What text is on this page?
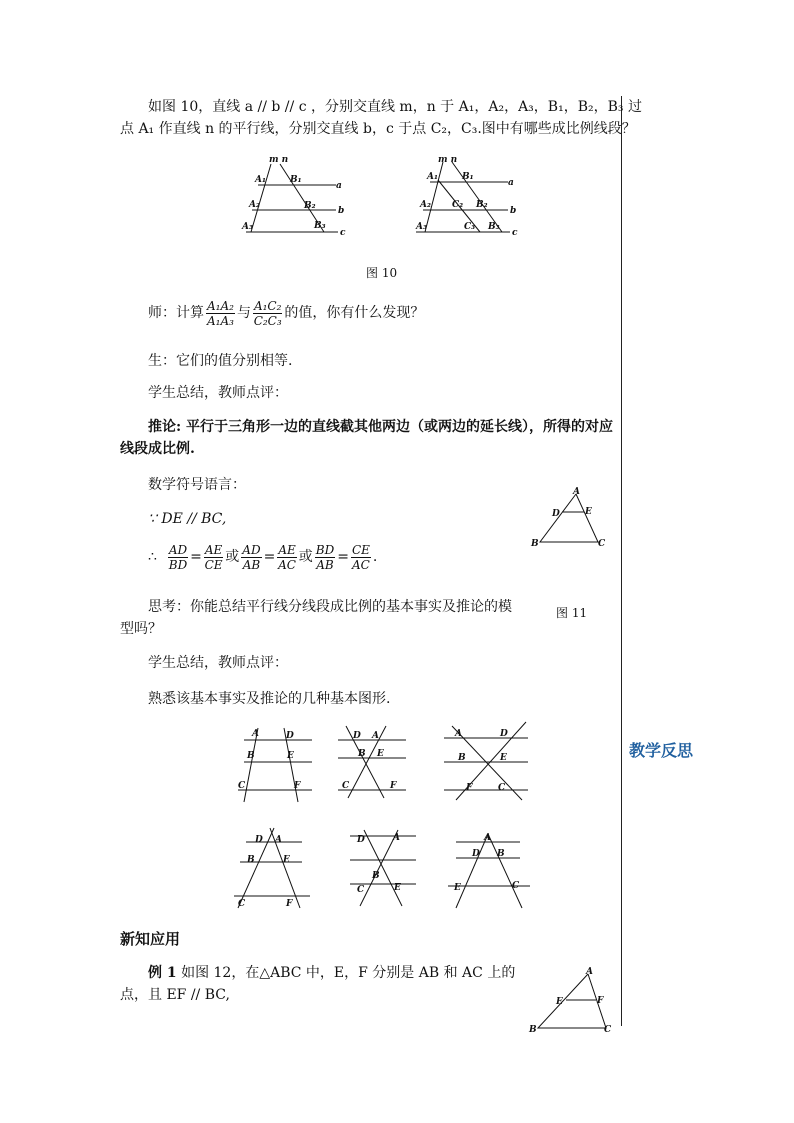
教学反思
如图 10，直线 a // b // c ，分别交直线 m，n 于 A₁，A₂，A₃，B₁，B₂，B₃ 过
点 A₁ 作直线 n 的平行线，分别交直线 b，c 于点 C₂，C₃.图中有哪些成比例线段？
m n
A₁	B₁
a
A₂	B₂ b
A₃	B₃
c
m n
A₁	B₁
a
A₂ C₂ B₂
b
A₃	C₃ B₃
c
图 10
师：计算 $\frac{\text{A₁A₂}}{\text{A₁A₃}}$ 与 $\frac{\text{A₁C₂}}{\text{C₂C₃}}$ 的值，你有什么发现？
生：它们的值分别相等.
学生总结，教师点评：
推论: 平行于三角形一边的直线截其他两边（或两边的延长线），所得的对应
线段成比例.
数学符号语言：
∵ DE // BC,
∴ $\frac{AD}{BD} = \frac{AE}{CE}$ 或 $\frac{AD}{AB} = \frac{AE}{AC}$ 或 $\frac{BD}{AB} = \frac{CE}{AC}$ .
A
D	E
B	C
图 11
思考：你能总结平行线分线段成比例的基本事实及推论的模
型吗？
学生总结，教师点评：
熟悉该基本事实及推论的几种基本图形.
A	D
B	E
C	F
D A
B E
C	F
A	D
B	E
F	C
D A
B	E
C	F
D	A
B
C	E
A
D B
E	C
新知应用
例 1 如图 12，在△ABC 中，E，F 分别是 AB 和 AC 上的
点，且 EF // BC,
A
E	F
B	C
